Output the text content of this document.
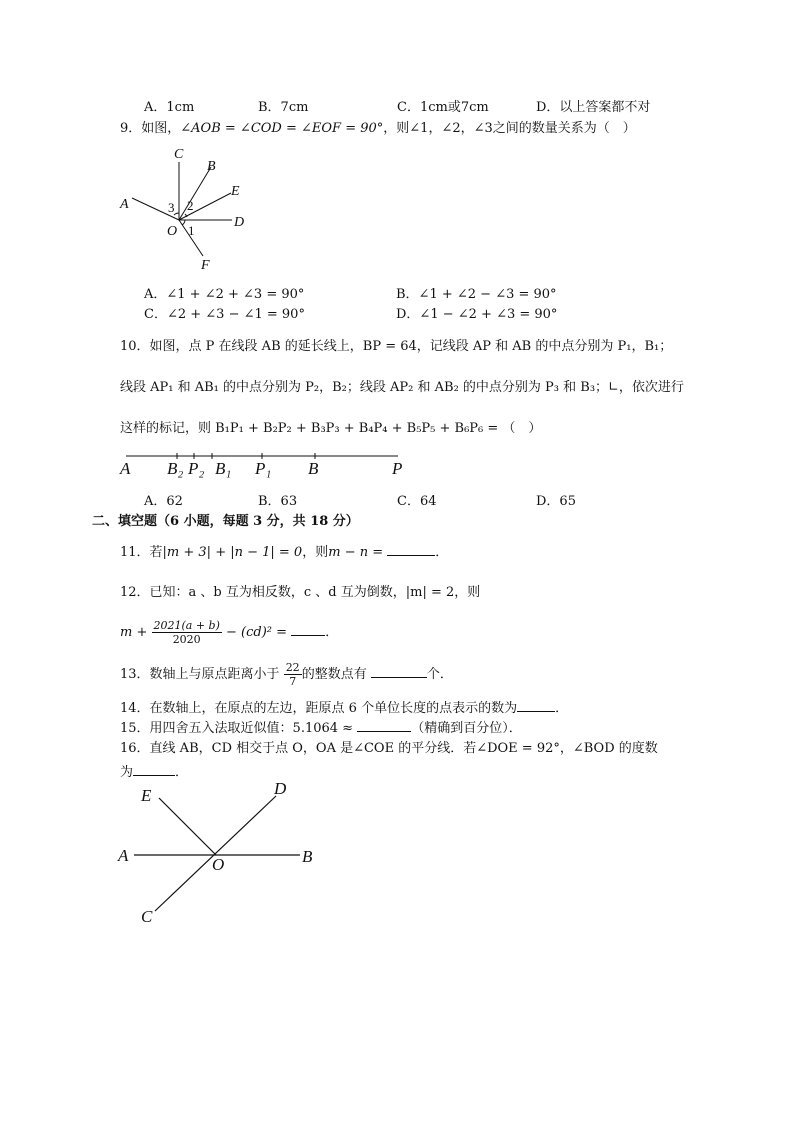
A．1cm	B．7cm	C．1cm或7cm	D．以上答案都不对
9．如图，∠AOB = ∠COD = ∠EOF = 90°，则∠1，∠2，∠3之间的数量关系为（　）
C
B
E
A
D
O
F
3 2
1
A．∠1 + ∠2 + ∠3 = 90°	B．∠1 + ∠2 − ∠3 = 90°
C．∠2 + ∠3 − ∠1 = 90°	D．∠1 − ∠2 + ∠3 = 90°
10．如图，点 P 在线段 AB 的延长线上，BP = 64，记线段 AP 和 AB 的中点分别为 P₁，B₁；
线段 AP₁ 和 AB₁ 的中点分别为 P₂，B₂；线段 AP₂ 和 AB₂ 的中点分别为 P₃ 和 B₃；∟，依次进行
这样的标记，则 B₁P₁ + B₂P₂ + B₃P₃ + B₄P₄ + B₅P₅ + B₆P₆ = （　）
A B₂ P₂ B₁ P₁ B	P
A．62	B．63	C．64	D．65
二、填空题（6 小题，每题 3 分，共 18 分）
11．若|m + 3| + |n − 1| = 0，则m − n =	．
12．已知：a 、b 互为相反数，c 、d 互为倒数，|m| = 2，则
$m + \frac{2021(a + b)}{2020} - (cd)^2$ =	．
13．数轴上与原点距离小于 $\frac{22}{7}$ 的整数点有	个．
14．在数轴上，在原点的左边，距原点 6 个单位长度的点表示的数为	．
15．用四舍五入法取近似值：5.1064 ≈	（精确到百分位）．
16．直线 AB，CD 相交于点 O，OA 是∠COE 的平分线．若∠DOE = 92°，∠BOD 的度数
为	．
E	D
A	O	B
C
